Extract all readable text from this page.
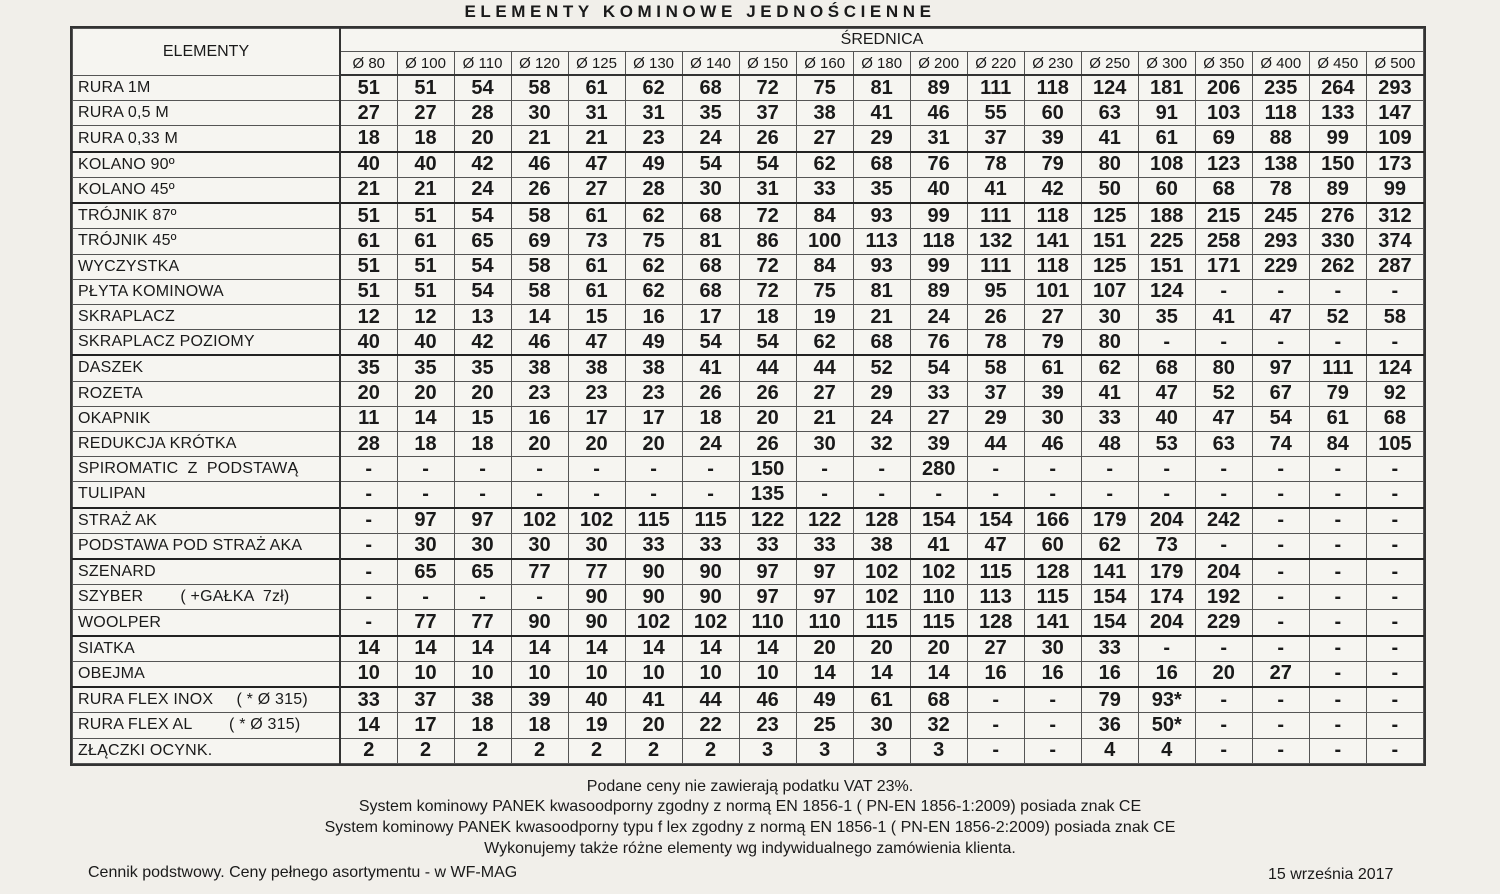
ELEMENTY KOMINOWE JEDNOŚCIENNE
ELEMENTY	ŚREDNICA																		
	Ø 80	Ø 100	Ø 110	Ø 120	Ø 125	Ø 130	Ø 140	Ø 150	Ø 160	Ø 180	Ø 200	Ø 220	Ø 230	Ø 250	Ø 300	Ø 350	Ø 400	Ø 450	Ø 500
RURA 1M	51	51	54	58	61	62	68	72	75	81	89	111	118	124	181	206	235	264	293
RURA 0,5 M	27	27	28	30	31	31	35	37	38	41	46	55	60	63	91	103	118	133	147
RURA 0,33 M	18	18	20	21	21	23	24	26	27	29	31	37	39	41	61	69	88	99	109
KOLANO 90º	40	40	42	46	47	49	54	54	62	68	76	78	79	80	108	123	138	150	173
KOLANO 45º	21	21	24	26	27	28	30	31	33	35	40	41	42	50	60	68	78	89	99
TRÓJNIK 87º	51	51	54	58	61	62	68	72	84	93	99	111	118	125	188	215	245	276	312
TRÓJNIK 45º	61	61	65	69	73	75	81	86	100	113	118	132	141	151	225	258	293	330	374
WYCZYSTKA	51	51	54	58	61	62	68	72	84	93	99	111	118	125	151	171	229	262	287
PŁYTA KOMINOWA	51	51	54	58	61	62	68	72	75	81	89	95	101	107	124	-	-	-	-
SKRAPLACZ	12	12	13	14	15	16	17	18	19	21	24	26	27	30	35	41	47	52	58
SKRAPLACZ POZIOMY	40	40	42	46	47	49	54	54	62	68	76	78	79	80	-	-	-	-	-
DASZEK	35	35	35	38	38	38	41	44	44	52	54	58	61	62	68	80	97	111	124
ROZETA	20	20	20	23	23	23	26	26	27	29	33	37	39	41	47	52	67	79	92
OKAPNIK	11	14	15	16	17	17	18	20	21	24	27	29	30	33	40	47	54	61	68
REDUKCJA KRÓTKA	28	18	18	20	20	20	24	26	30	32	39	44	46	48	53	63	74	84	105
SPIROMATIC  Z  PODSTAWĄ	-	-	-	-	-	-	-	150	-	-	280	-	-	-	-	-	-	-	-
TULIPAN	-	-	-	-	-	-	-	135	-	-	-	-	-	-	-	-	-	-	-
STRAŻ AK	-	97	97	102	102	115	115	122	122	128	154	154	166	179	204	242	-	-	-
PODSTAWA POD STRAŻ AKA	-	30	30	30	30	33	33	33	33	38	41	47	60	62	73	-	-	-	-
SZENARD	-	65	65	77	77	90	90	97	97	102	102	115	128	141	179	204	-	-	-
SZYBER        ( +GAŁKA  7zł)	-	-	-	-	90	90	90	97	97	102	110	113	115	154	174	192	-	-	-
WOOLPER	-	77	77	90	90	102	102	110	110	115	115	128	141	154	204	229	-	-	-
SIATKA	14	14	14	14	14	14	14	14	20	20	20	27	30	33	-	-	-	-	-
OBEJMA	10	10	10	10	10	10	10	10	14	14	14	16	16	16	16	20	27	-	-
RURA FLEX INOX     ( * Ø 315)	33	37	38	39	40	41	44	46	49	61	68	-	-	79	93*	-	-	-	-
RURA FLEX AL        ( * Ø 315)	14	17	18	18	19	20	22	23	25	30	32	-	-	36	50*	-	-	-	-
ZŁĄCZKI OCYNK.	2	2	2	2	2	2	2	3	3	3	3	-	-	4	4	-	-	-	-
Podane ceny nie zawierają podatku VAT 23%.
System kominowy PANEK kwasoodporny zgodny z normą EN 1856-1 ( PN-EN 1856-1:2009) posiada znak CE
System kominowy PANEK kwasoodporny typu f lex zgodny z normą EN 1856-1 ( PN-EN 1856-2:2009) posiada znak CE
Wykonujemy także różne elementy wg indywidualnego zamówienia klienta.
Cennik podstwowy. Ceny pełnego asortymentu - w WF-MAG	15 września 2017
